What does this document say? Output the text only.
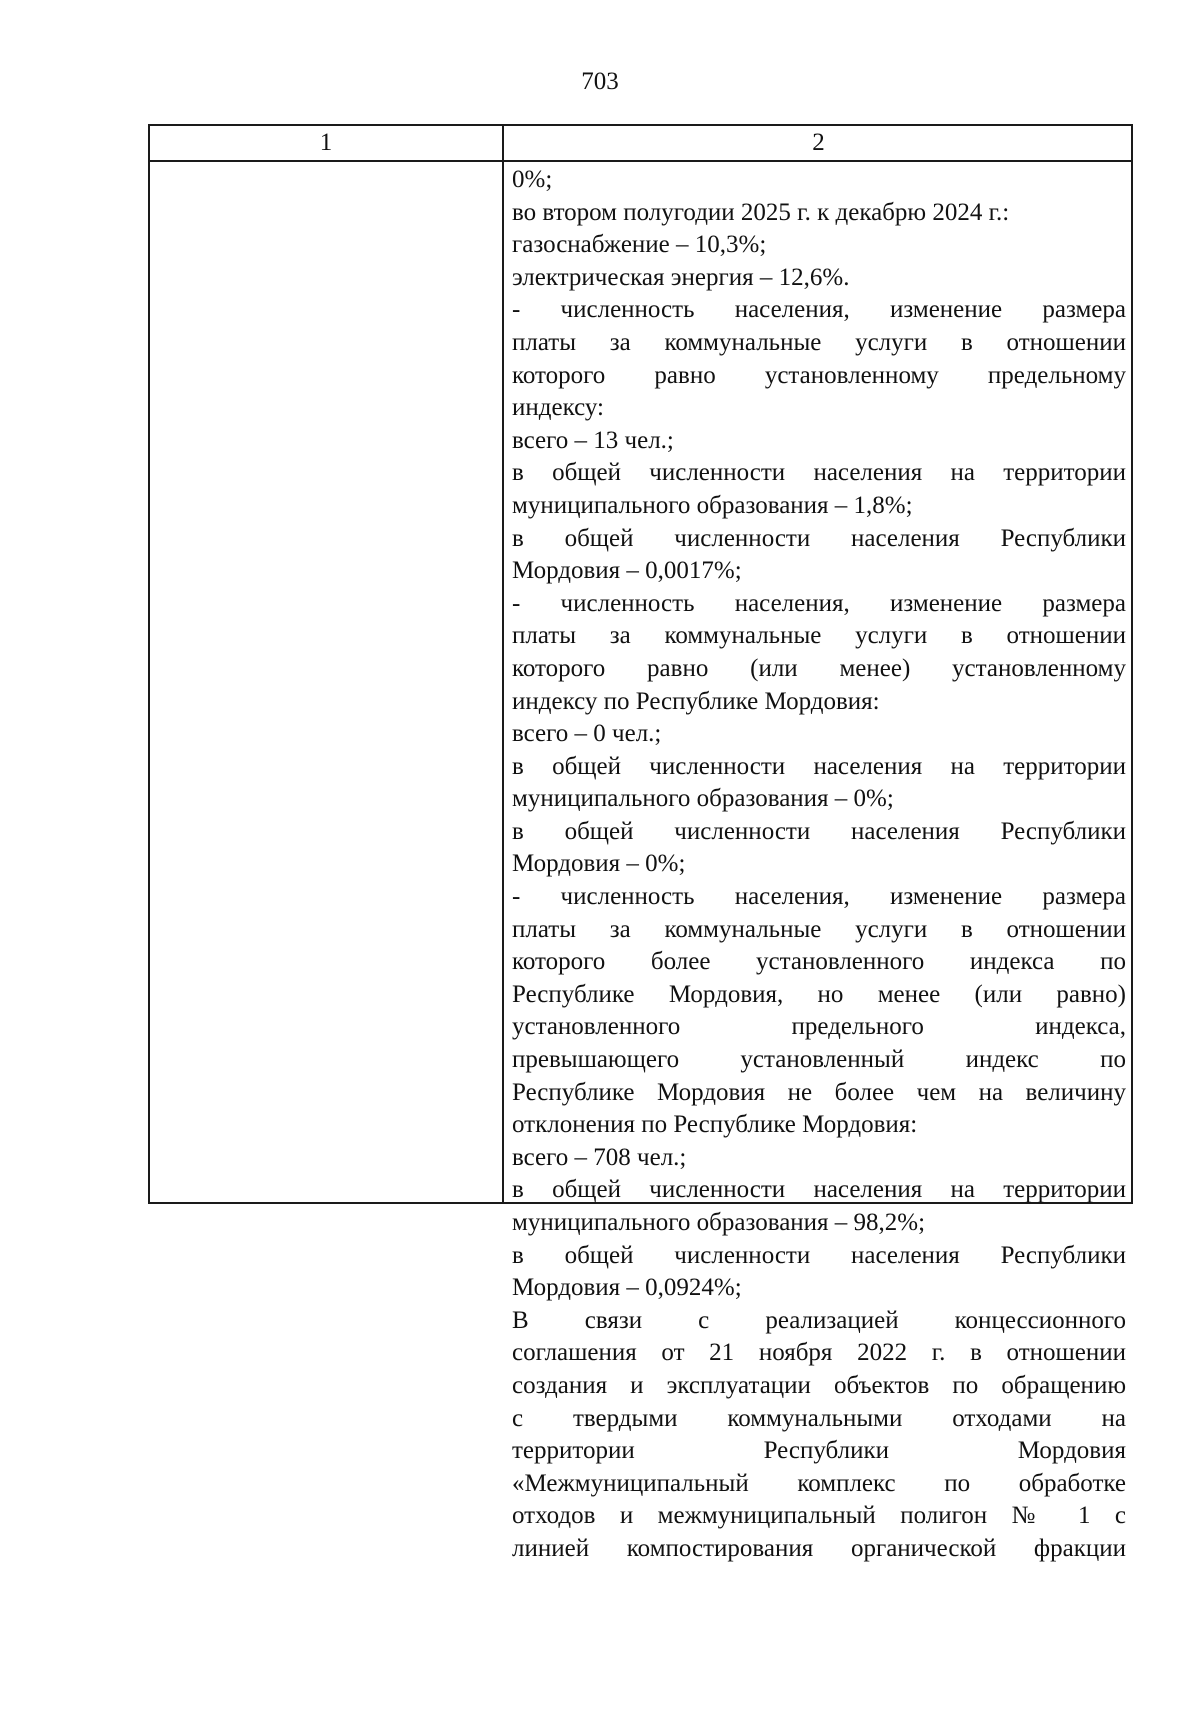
703
1	2
0%;
во втором полугодии 2025 г. к декабрю 2024 г.:
газоснабжение – 10,3%;
электрическая энергия – 12,6%.
- численность населения, изменение размера
платы за коммунальные услуги в отношении
которого равно установленному предельному
индексу:
всего – 13 чел.;
в общей численности населения на территории
муниципального образования – 1,8%;
в общей численности населения Республики
Мордовия – 0,0017%;
- численность населения, изменение размера
платы за коммунальные услуги в отношении
которого равно (или менее) установленному
индексу по Республике Мордовия:
всего – 0 чел.;
в общей численности населения на территории
муниципального образования – 0%;
в общей численности населения Республики
Мордовия – 0%;
- численность населения, изменение размера
платы за коммунальные услуги в отношении
которого более установленного индекса по
Республике Мордовия, но менее (или равно)
установленного предельного индекса,
превышающего установленный индекс по
Республике Мордовия не более чем на величину
отклонения по Республике Мордовия:
всего – 708 чел.;
в общей численности населения на территории
муниципального образования – 98,2%;
в общей численности населения Республики
Мордовия – 0,0924%;
В связи с реализацией концессионного
соглашения от 21 ноября 2022 г. в отношении
создания и эксплуатации объектов по обращению
с твердыми коммунальными отходами на
территории Республики Мордовия
«Межмуниципальный комплекс по обработке
отходов и межмуниципальный полигон № 1 с
линией компостирования органической фракции
